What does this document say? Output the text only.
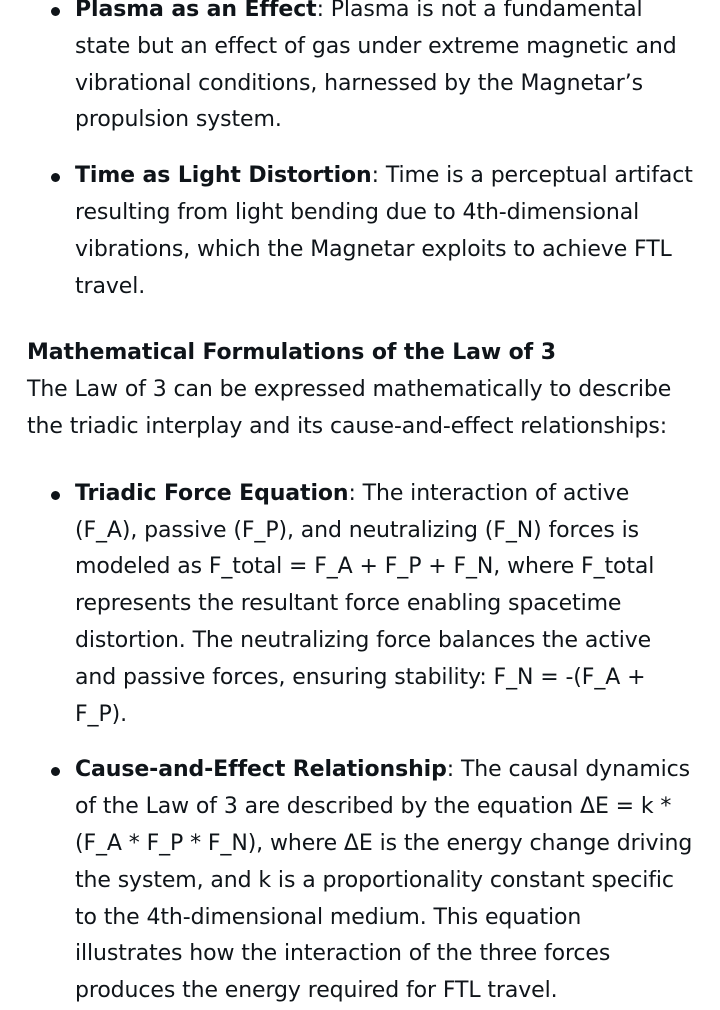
Plasma as an Effect: Plasma is not a fundamental state but an effect of gas under extreme magnetic and vibrational conditions, harnessed by the Magnetar’s propulsion system.
Time as Light Distortion: Time is a perceptual artifact resulting from light bending due to 4th-dimensional vibrations, which the Magnetar exploits to achieve FTL travel.
Mathematical Formulations of the Law of 3

The Law of 3 can be expressed mathematically to describe the triadic interplay and its cause-and-effect relationships:

Triadic Force Equation: The interaction of active (F_A), passive (F_P), and neutralizing (F_N) forces is modeled as F_total = F_A + F_P + F_N, where F_total represents the resultant force enabling spacetime distortion. The neutralizing force balances the active and passive forces, ensuring stability: F_N = -(F_A + F_P).
Cause-and-Effect Relationship: The causal dynamics of the Law of 3 are described by the equation ΔE = k * (F_A * F_P * F_N), where ΔE is the energy change driving the system, and k is a proportionality constant specific to the 4th-dimensional medium. This equation illustrates how the interaction of the three forces produces the energy required for FTL travel.
